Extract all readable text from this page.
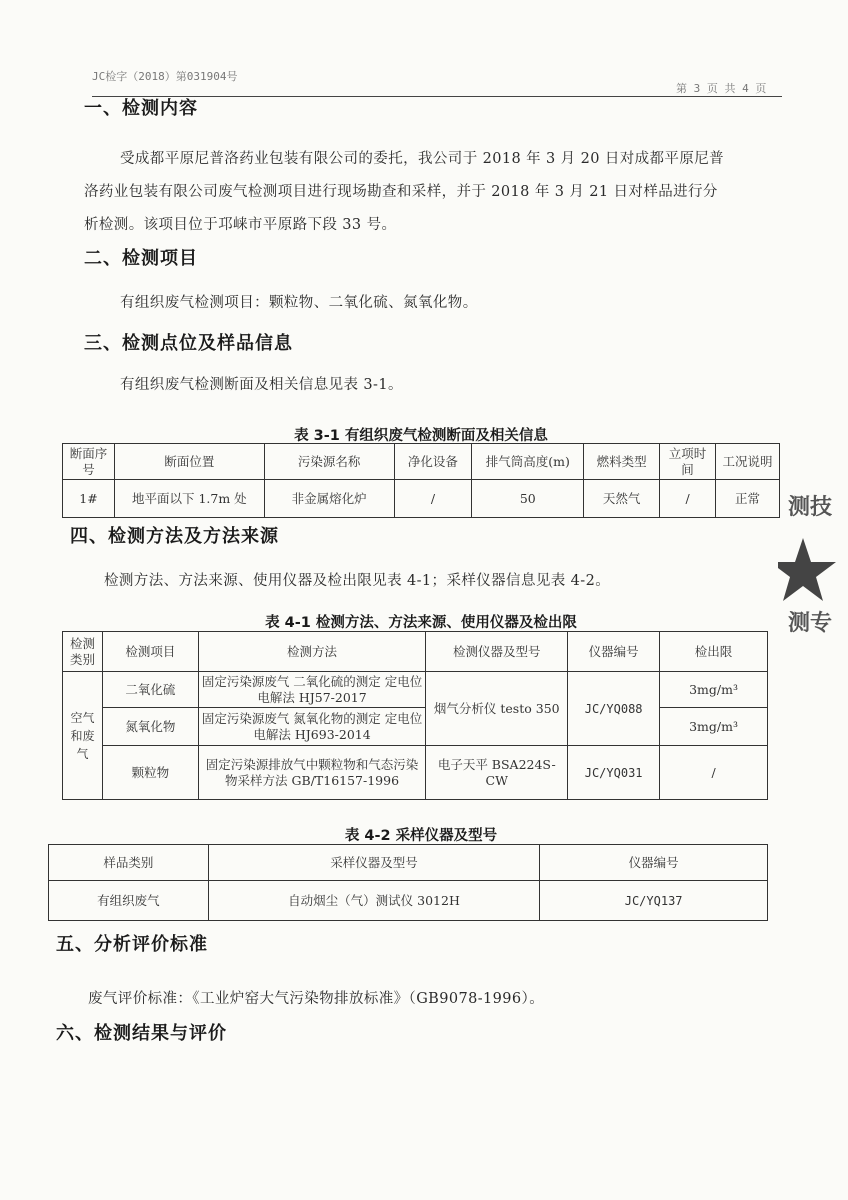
JC检字（2018）第031904号
第 3 页 共 4 页
一、检测内容
受成都平原尼普洛药业包装有限公司的委托，我公司于 2018 年 3 月 20 日对成都平原尼普
洛药业包装有限公司废气检测项目进行现场勘查和采样，并于 2018 年 3 月 21 日对样品进行分
析检测。该项目位于邛崃市平原路下段 33 号。
二、检测项目
有组织废气检测项目：颗粒物、二氧化硫、氮氧化物。
三、检测点位及样品信息
有组织废气检测断面及相关信息见表 3-1。
表 3-1 有组织废气检测断面及相关信息
断面序号	断面位置	污染源名称	净化设备	排气筒高度(m)	燃料类型	立项时间	工况说明
1#	地平面以下 1.7m 处	非金属熔化炉	/	50	天然气	/	正常
四、检测方法及方法来源
检测方法、方法来源、使用仪器及检出限见表 4-1；采样仪器信息见表 4-2。
表 4-1 检测方法、方法来源、使用仪器及检出限
检测类别	检测项目	检测方法	检测仪器及型号	仪器编号	检出限
空气和废气	二氧化硫	固定污染源废气 二氧化硫的测定 定电位电解法 HJ57-2017	烟气分析仪 testo 350	JC/YQ088	3mg/m³
	氮氧化物	固定污染源废气 氮氧化物的测定 定电位电解法 HJ693-2014			3mg/m³
	颗粒物	固定污染源排放气中颗粒物和气态污染物采样方法 GB/T16157-1996	电子天平 BSA224S-CW	JC/YQ031	/
表 4-2 采样仪器及型号
样品类别	采样仪器及型号	仪器编号
有组织废气	自动烟尘（气）测试仪 3012H	JC/YQ137
五、分析评价标准
废气评价标准：《工业炉窑大气污染物排放标准》（GB9078-1996）。
六、检测结果与评价
测技
测专
